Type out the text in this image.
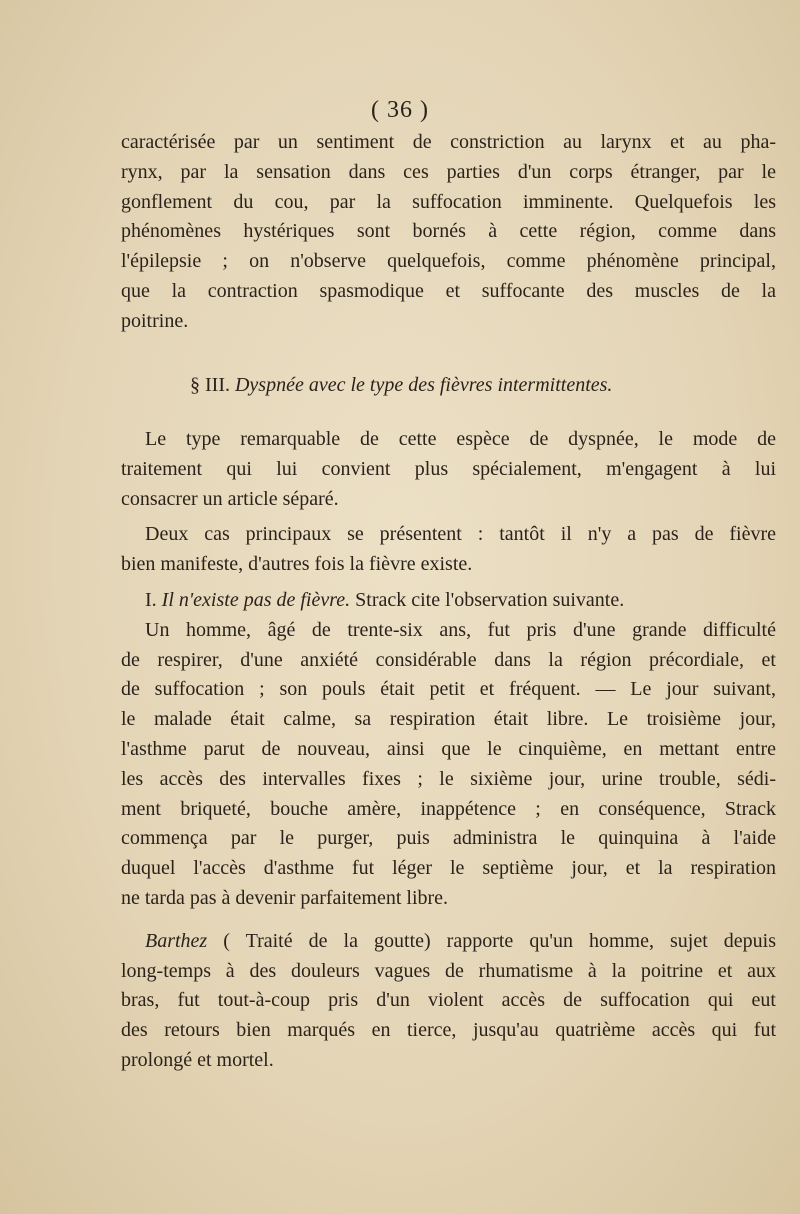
( 36 )
caractérisée par un sentiment de constriction au larynx et au pha-
rynx, par la sensation dans ces parties d'un corps étranger, par le
gonflement du cou, par la suffocation imminente. Quelquefois les
phénomènes hystériques sont bornés à cette région, comme dans
l'épilepsie ; on n'observe quelquefois, comme phénomène principal,
que la contraction spasmodique et suffocante des muscles de la
poitrine.
§ III. Dyspnée avec le type des fièvres intermittentes.
Le type remarquable de cette espèce de dyspnée, le mode de
traitement qui lui convient plus spécialement, m'engagent à lui
consacrer un article séparé.
Deux cas principaux se présentent : tantôt il n'y a pas de fièvre
bien manifeste, d'autres fois la fièvre existe.
I. Il n'existe pas de fièvre. Strack cite l'observation suivante.
Un homme, âgé de trente-six ans, fut pris d'une grande difficulté
de respirer, d'une anxiété considérable dans la région précordiale, et
de suffocation ; son pouls était petit et fréquent. — Le jour suivant,
le malade était calme, sa respiration était libre. Le troisième jour,
l'asthme parut de nouveau, ainsi que le cinquième, en mettant entre
les accès des intervalles fixes ; le sixième jour, urine trouble, sédi-
ment briqueté, bouche amère, inappétence ; en conséquence, Strack
commença par le purger, puis administra le quinquina à l'aide
duquel l'accès d'asthme fut léger le septième jour, et la respiration
ne tarda pas à devenir parfaitement libre.
Barthez ( Traité de la goutte) rapporte qu'un homme, sujet depuis
long-temps à des douleurs vagues de rhumatisme à la poitrine et aux
bras, fut tout-à-coup pris d'un violent accès de suffocation qui eut
des retours bien marqués en tierce, jusqu'au quatrième accès qui fut
prolongé et mortel.
